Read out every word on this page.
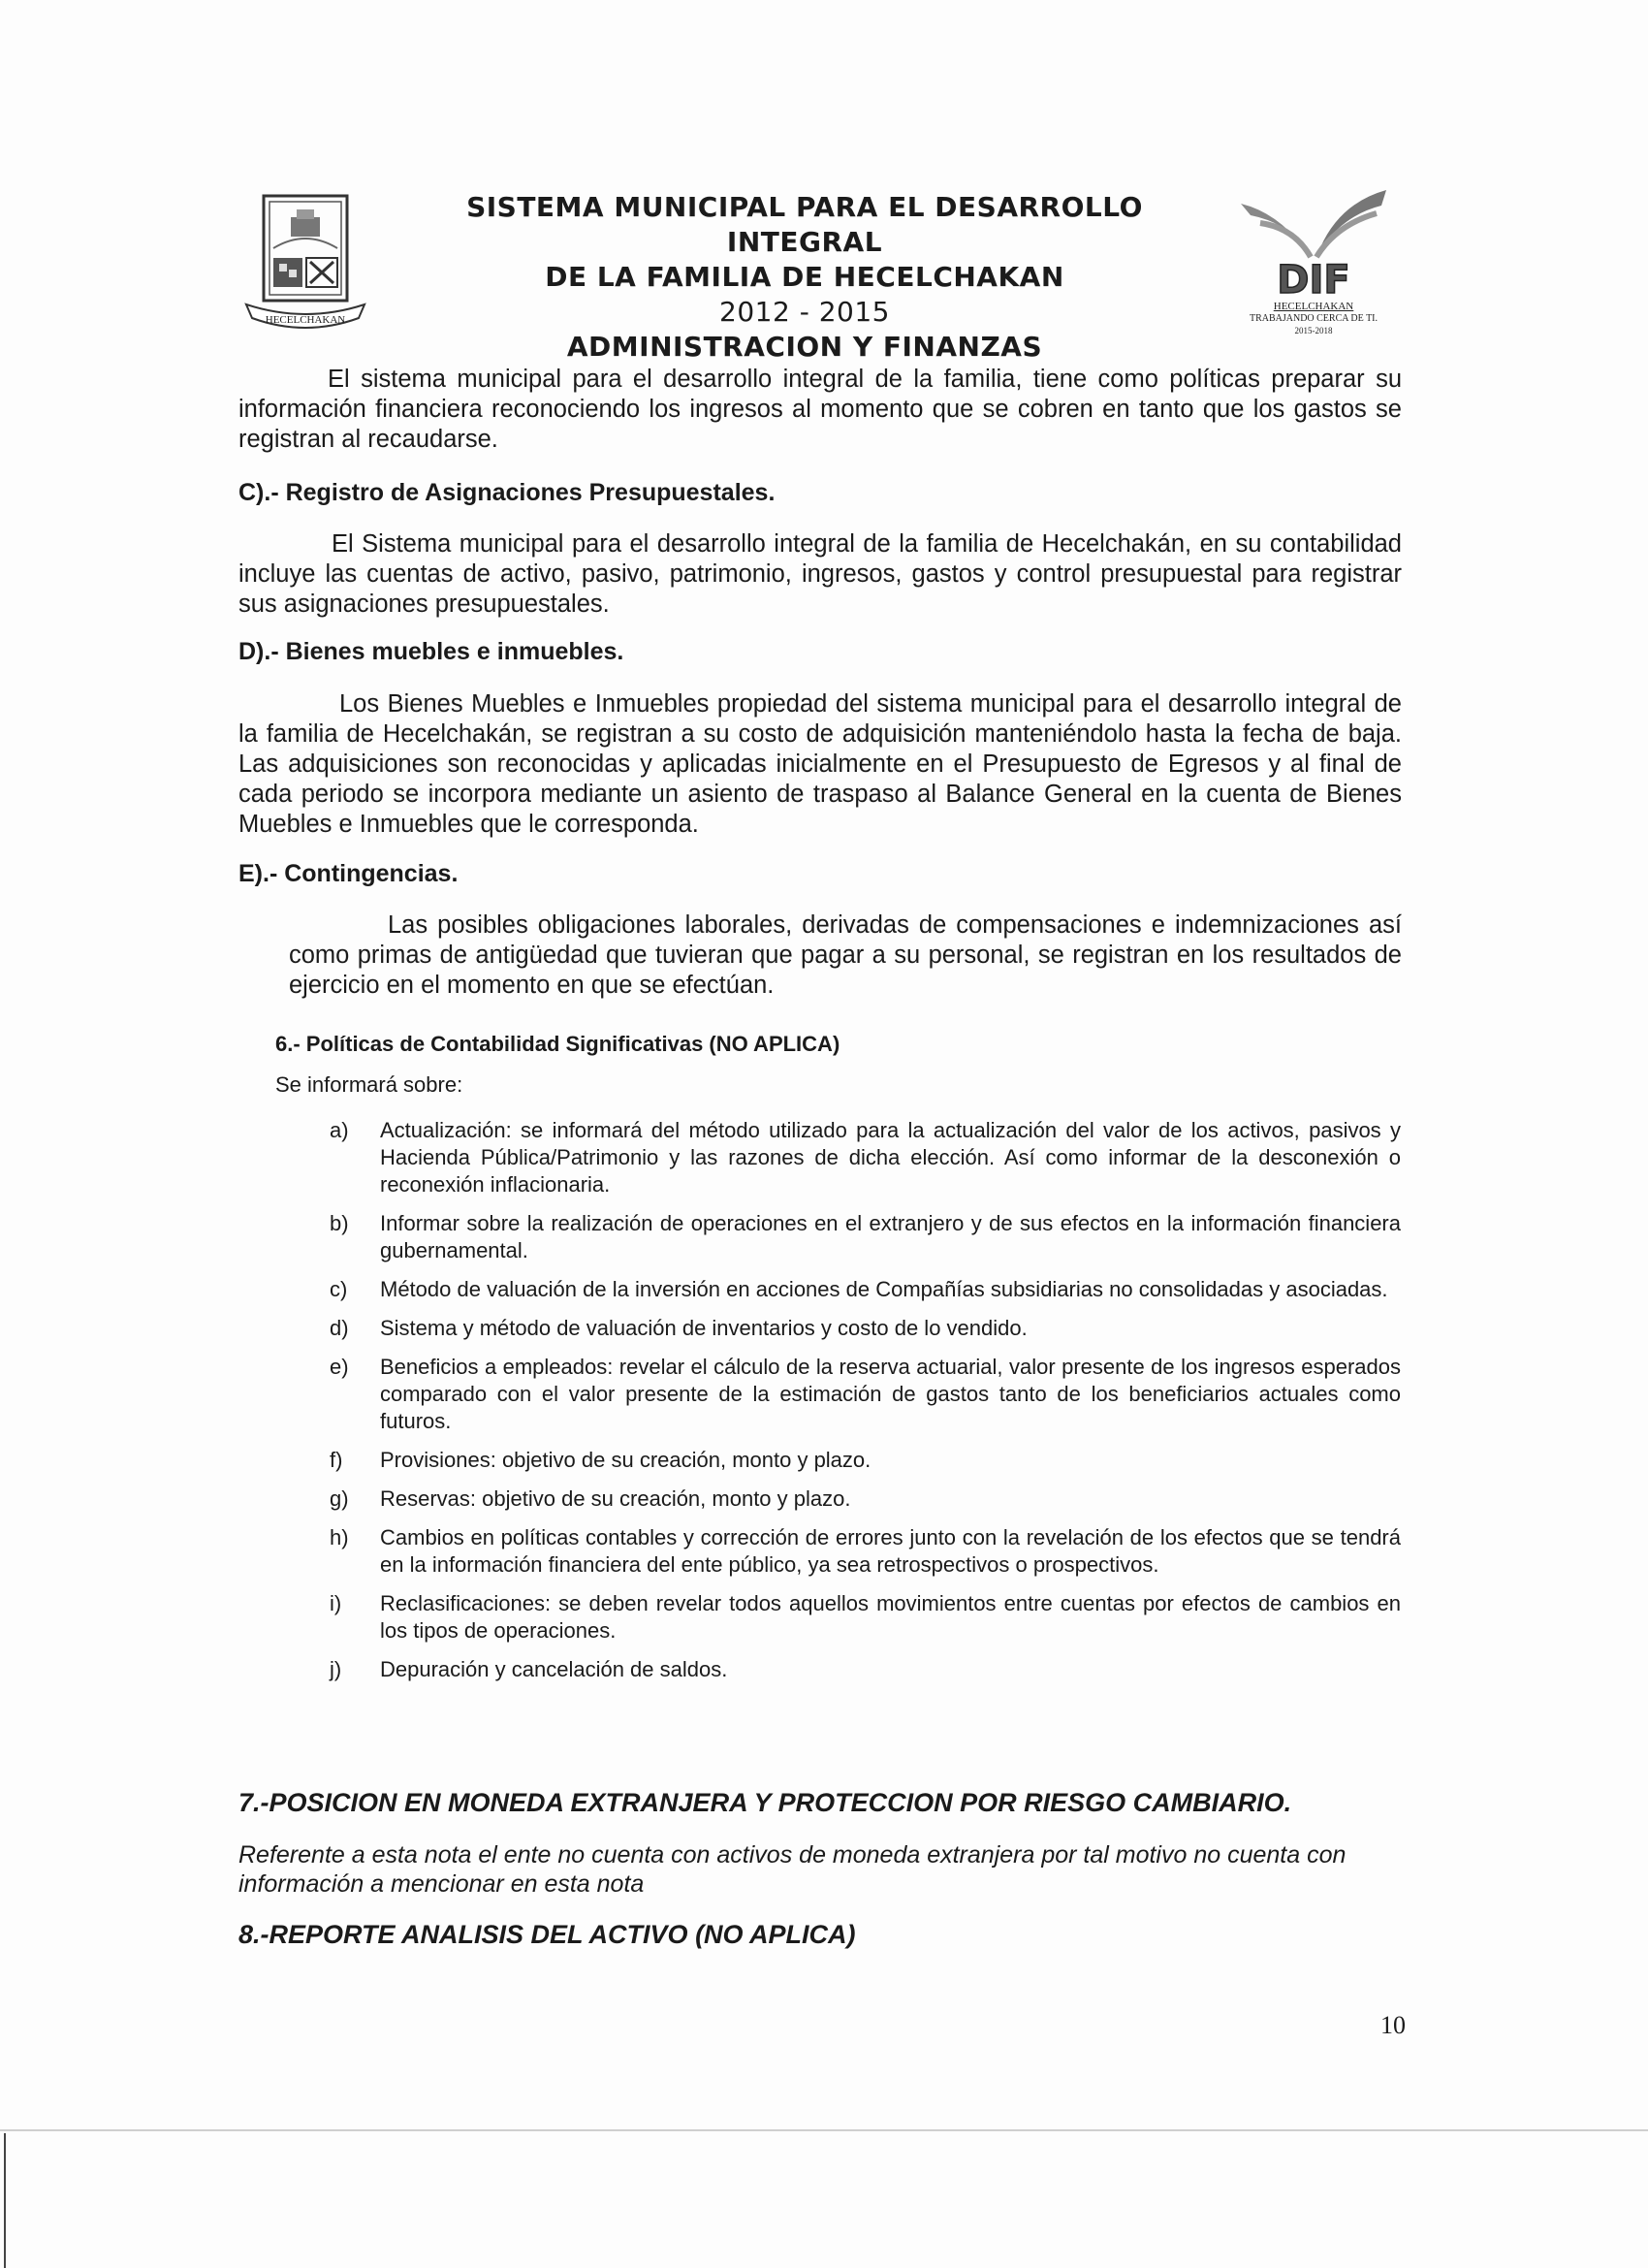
HECELCHAKAN
SISTEMA MUNICIPAL PARA EL DESARROLLO INTEGRAL
DE LA FAMILIA DE HECELCHAKAN
2012 - 2015
ADMINISTRACION Y FINANZAS
DIF
HECELCHAKAN
TRABAJANDO CERCA DE TI.
2015-2018
El sistema municipal para el desarrollo integral de la familia, tiene como políticas preparar su información financiera reconociendo los ingresos al momento que se cobren en tanto que los gastos se registran al recaudarse.
C).- Registro de Asignaciones Presupuestales.
El Sistema municipal para el desarrollo integral de la familia de Hecelchakán, en su contabilidad incluye las cuentas de activo, pasivo, patrimonio, ingresos, gastos y control presupuestal para registrar sus asignaciones presupuestales.
D).- Bienes muebles e inmuebles.
Los Bienes Muebles e Inmuebles propiedad del sistema municipal para el desarrollo integral de la familia de Hecelchakán, se registran a su costo de adquisición manteniéndolo hasta la fecha de baja. Las adquisiciones son reconocidas y aplicadas inicialmente en el Presupuesto de Egresos y al final de cada periodo se incorpora mediante un asiento de traspaso al Balance General en la cuenta de Bienes Muebles e Inmuebles que le corresponda.
E).- Contingencias.
Las posibles obligaciones laborales, derivadas de compensaciones e indemnizaciones así como primas de antigüedad que tuvieran que pagar a su personal, se registran en los resultados de ejercicio en el momento en que se efectúan.
6.- Políticas de Contabilidad Significativas (NO APLICA)
Se informará sobre:
a)	Actualización: se informará del método utilizado para la actualización del valor de los activos, pasivos y Hacienda Pública/Patrimonio y las razones de dicha elección. Así como informar de la desconexión o reconexión inflacionaria.
b)	Informar sobre la realización de operaciones en el extranjero y de sus efectos en la información financiera gubernamental.
c)	Método de valuación de la inversión en acciones de Compañías subsidiarias no consolidadas y asociadas.
d)	Sistema y método de valuación de inventarios y costo de lo vendido.
e)	Beneficios a empleados: revelar el cálculo de la reserva actuarial, valor presente de los ingresos esperados comparado con el valor presente de la estimación de gastos tanto de los beneficiarios actuales como futuros.
f)	Provisiones: objetivo de su creación, monto y plazo.
g)	Reservas: objetivo de su creación, monto y plazo.
h)	Cambios en políticas contables y corrección de errores junto con la revelación de los efectos que se tendrá en la información financiera del ente público, ya sea retrospectivos o prospectivos.
i)	Reclasificaciones: se deben revelar todos aquellos movimientos entre cuentas por efectos de cambios en los tipos de operaciones.
j)	Depuración y cancelación de saldos.
7.-POSICION EN MONEDA EXTRANJERA Y PROTECCION POR RIESGO CAMBIARIO.
Referente a esta nota el ente no cuenta con activos de moneda extranjera por tal motivo no cuenta con información a mencionar en esta nota
8.-REPORTE ANALISIS DEL ACTIVO (NO APLICA)
10
